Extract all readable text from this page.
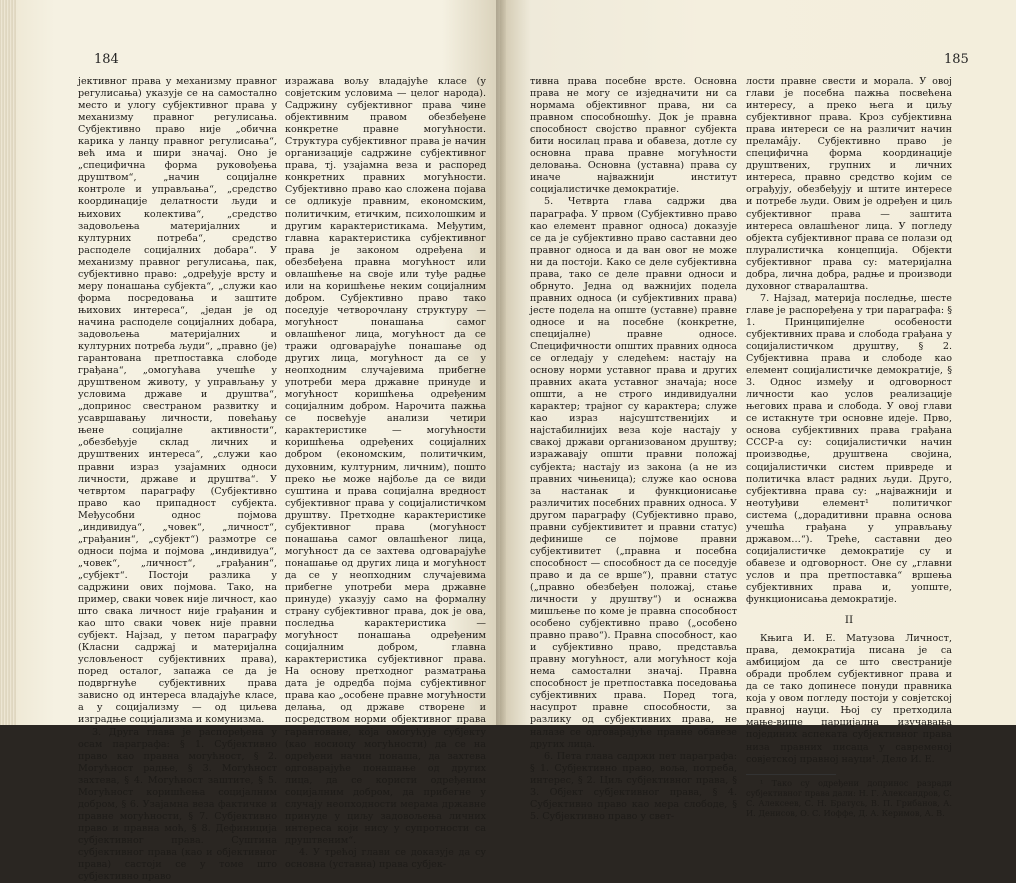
184

јективног права у механизму правног регулисања) указује се на самостално место и улогу субјективног права у механизму правног регулисања. Субјективно право није „обична карика у ланцу правног регулисања“, већ има и шири значај. Оно је „специфична форма руковођења друштвом“, „начин социјалне контроле и управљања“, „средство координације делатности људи и њихових колектива“, „средство задовољења материјалних и културних потреба“, средство расподеле социјалних добара“. У механизму правног регулисања, пак, субјективно право: „одређује врсту и меру понашања субјекта“, „служи као форма посредовања и заштите њихових интереса“, „један је од начина расподеле социјалних добара, задовољења материјалних и културних потреба људи“, „правно (је) гарантована претпоставка слободе грађана“, „омогућава учешће у друштвеном животу, у управљању у условима државе и друштва“, „допринос свестраном развитку и усавршавању личности, повећању њене социјалне активности“, „обезбеђује склад личних и друштвених интереса“, „служи као правни израз узајамних односи личности, државе и друштва“. У четвртом параграфу (Субјективно право као припадност субјекта. Међусобни однос појмова „индивидуа“, „човек“, „личност“, „грађанин“, „субјект“) размотре се односи појма и појмова „индивидуа“, „човек“, „личност“, „грађанин“, „субјект“. Постоји разлика у садржини ових појмова. Тако, на пример, сваки човек није личност, као што свака личност није грађанин и као што сваки човек није правни субјект. Најзад, у петом параграфу (Класни садржај и материјална условљеност субјективних права), поред осталог, запажа се да је подвргнуће субјективних права зависно од интереса владајуће класе, а у социјализму — од циљева изградње социјализма и комунизма.

3. Друга глава је распоређена у осам параграфа: § 1. Субјективно право као правна могућност, § 2. Могућност радње, § 3. Могућност захтева, § 4. Могућност заштите, § 5. Могућност коришћења социјалним добром, § 6. Узајамна веза фактичке и правне могућности, § 7. Субјективно право и правна моћ, § 8. Дефиниција субјективног права. Суштина субјективног права (као и објективног права) састоји се у томе што субјективно право

изражава вољу владајуће класе (у совјетским условима — целог народа). Садржину субјективног права чине објективним правом обезбеђене конкретне правне могућности. Структура субјективног права је начин организације садржине субјективног права, тј. узајамна веза и распоред конкретних правних могућности. Субјективно право као сложена појава се одликује правним, економским, политичким, етичким, психолошким и другим карактеристикама. Међутим, главна карактеристика субјективног права је законом одређена и обезбеђена правна могућност или овлашћење на своје или туђе радње или на коришћење неким социјалним добром. Субјективно право тако поседује четворочлану структуру — могућност понашања самог овлашћеног лица, могућност да се тражи одговарајуће понашање од других лица, могућност да се у неопходним случајевима прибегне употреби мера државне принуде и могућност коришћења одређеним социјалним добром. Нарочита пажња се посвећује анализи четири карактеристике — могућности коришћења одређених социјалних добром (економским, политичким, духовним, културним, личним), пошто преко ње може најбоље да се види суштина и права социјална вредност субјективног права у социјалистичком друштву. Претходне карактеристике субјективног права (могућност понашања самог овлашћеног лица, могућност да се захтева одговарајуће понашање од других лица и могућност да се у неопходним случајевима прибегне употреби мера државне принуде) указују само на формалну страну субјективног права, док је ова, последња карактеристика — могућност понашања одређеним социјалним добром, главна карактеристика субјективног права. На основу претходног разматрања дата је одредба појма субјективног права као „особене правне могућности делања, од државе створене и посредством норми објективног права гарантоване, која омогућује субјекту (као носиоцу могућности) да се на одређени начин понаша, да захтева одговарајуће понашање од других лица, да се користи одређеним социјалним добром, да прибегне у случају неопходности мерама државне принуде у циљу задовољења личних интереса који нису у супротности са друштвеним“.

4. У трећој глави се доказује да су основна (уставна) права субјек-

185

тивна права посебне врсте. Основна права не могу се изједначити ни са нормама објективног права, ни са правном способношћу. Док је правна способност својство правног субјекта бити носилац права и обавеза, дотле су основна права правне могућности деловања. Основна (уставна) права су иначе најважнији институт социјалистичке демократије.

5. Четврта глава садржи два параграфа. У првом (Субјективно право као елемент правног односа) доказује се да је субјективно право саставни део правног односа и да ван овог не може ни да постоји. Како се деле субјективна права, тако се деле правни односи и обрнуто. Једна од важнијих подела правних односа (и субјективних права) јесте подела на опште (уставне) правне односе и на посебне (конкретне, специјалне) правне односе. Специфичности општих правних односа се огледају у следећем: настају на основу норми уставног права и других правних аката уставног значаја; носе општи, а не строго индивидуални карактер; трајног су карактера; служе као израз најсуштственијих и најстабилнијих веза које настају у свакој држави организованом друштву; изражавају општи правни положај субјекта; настају из закона (а не из правних чињеница); служе као основа за настанак и функционисање различитих посебних правних односа. У другом параграфу (Субјективно право, правни субјективитет и правни статус) дефинише се појмове правни субјективитет („правна и посебна способност — способност да се поседује право и да се врше“), правни статус („правно обезбеђен положај, стање личности у друштву“) и оснажва мишљење по коме је правна способност особено субјективно право („особено правно право“). Правна способност, као и субјективно право, представља правну могућност, али могућност која нема самостални значај. Правна способност је претпоставка поседовања субјективних права. Поред тога, насупрот правне способности, за разлику од субјективних права, не налазе се одговарајуће правне обавезе других лица.

6. Пета глава садржи пет параграфа: § 1. Субјективно право, воља, потреба, интерес, § 2. Циљ субјективног права, § 3. Објект субјективног права, § 4. Субјективно право као мера слободе, § 5. Субјективно право у свет-

лости правне свести и морала. У овој глави је посебна пажња посвећена интересу, а преко њега и циљу субјективног права. Кроз субјективна права интереси се на различит начин прелама̂ју. Субјективно право је специфична форма координације друштвених, групних и личних интереса, правно средство којим се ограђују, обезбеђују и штите интересе и потребе људи. Овим је одређен и циљ субјективног права — заштита интереса овлашћеног лица. У погледу објекта субјективног права се полази од плуралистичка концепција. Објекти субјективног права су: материјална добра, лична добра, радње и производи духовног стваралаштва.

7. Најзад, материја последње, шесте главе је распоређена у три параграфа: § 1. Принципијелне особености субјективних права и слобода грађана у социјалистичком друштву, § 2. Субјективна права и слободе као елемент социјалистичке демократије, § 3. Однос између и одговорност личности као услов реализације његових права и слобода. У овој глави се истакнуте три основне идеје. Прво, основа субјективних права грађана СССР-а су: социјалистички начин производње, друштвена својина, социјалистички систем привреде и политичка власт радних људи. Друго, субјективна права су: „најважнији и неотуђиви елемент¹ политичког система („дорадитивни правна основа учешћа грађана у управљању државом…“). Треће, саставни део социјалистичке демократије су и обавезе и одговорност. Оне су „главни услов и пра претпоставка“ вршења субјективних права и, уопште, функционисања демократије.

II

Књига И. Е. Матузова Личност, права, демократија писана је са амбицијом да се што свестраније обради проблем субјективног права и да се тако допинесе понуди правника која у овом погледу постоји у совјетској правној науци. Њој су претходила мање-више парцијална изучавања појединих аспеката субјективног права низа правних писаца у савременој совјетској правној науци¹. Дело И. Е.

¹ Тако су одређени допринос разради субјективног права дали: Н. Г. Александров, С. С. Алексеев, С. Н. Братусь, В. П. Грибанов, А. И. Денисов, О. С. Иоффе, Д. А. Керимов, А. В.
